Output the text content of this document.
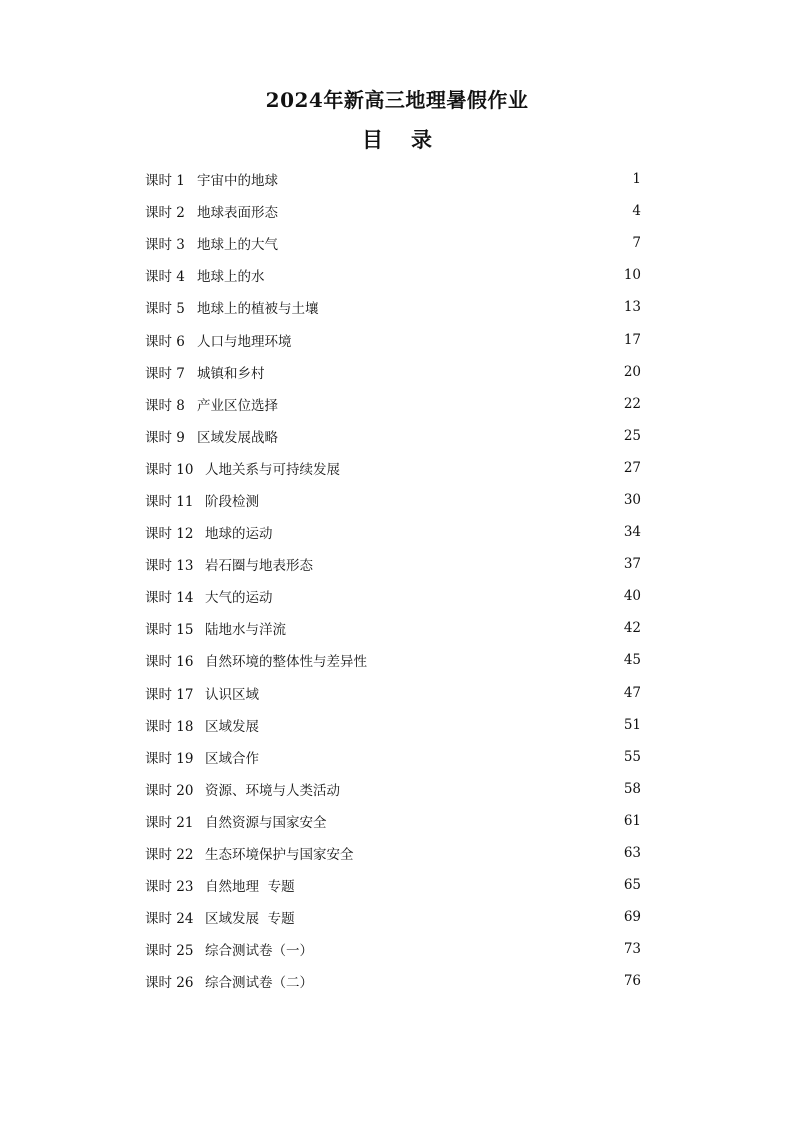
2024年新高三地理暑假作业
目录
课时 1 宇宙中的地球	1
课时 2 地球表面形态	4
课时 3 地球上的大气	7
课时 4 地球上的水	10
课时 5 地球上的植被与土壤	13
课时 6 人口与地理环境	17
课时 7 城镇和乡村	20
课时 8 产业区位选择	22
课时 9 区域发展战略	25
课时 10 人地关系与可持续发展	27
课时 11 阶段检测	30
课时 12 地球的运动	34
课时 13 岩石圈与地表形态	37
课时 14 大气的运动	40
课时 15 陆地水与洋流	42
课时 16 自然环境的整体性与差异性	45
课时 17 认识区域	47
课时 18 区域发展	51
课时 19 区域合作	55
课时 20 资源、环境与人类活动	58
课时 21 自然资源与国家安全	61
课时 22 生态环境保护与国家安全	63
课时 23 自然地理  专题	65
课时 24 区域发展  专题	69
课时 25 综合测试卷（一）	73
课时 26 综合测试卷（二）	76
